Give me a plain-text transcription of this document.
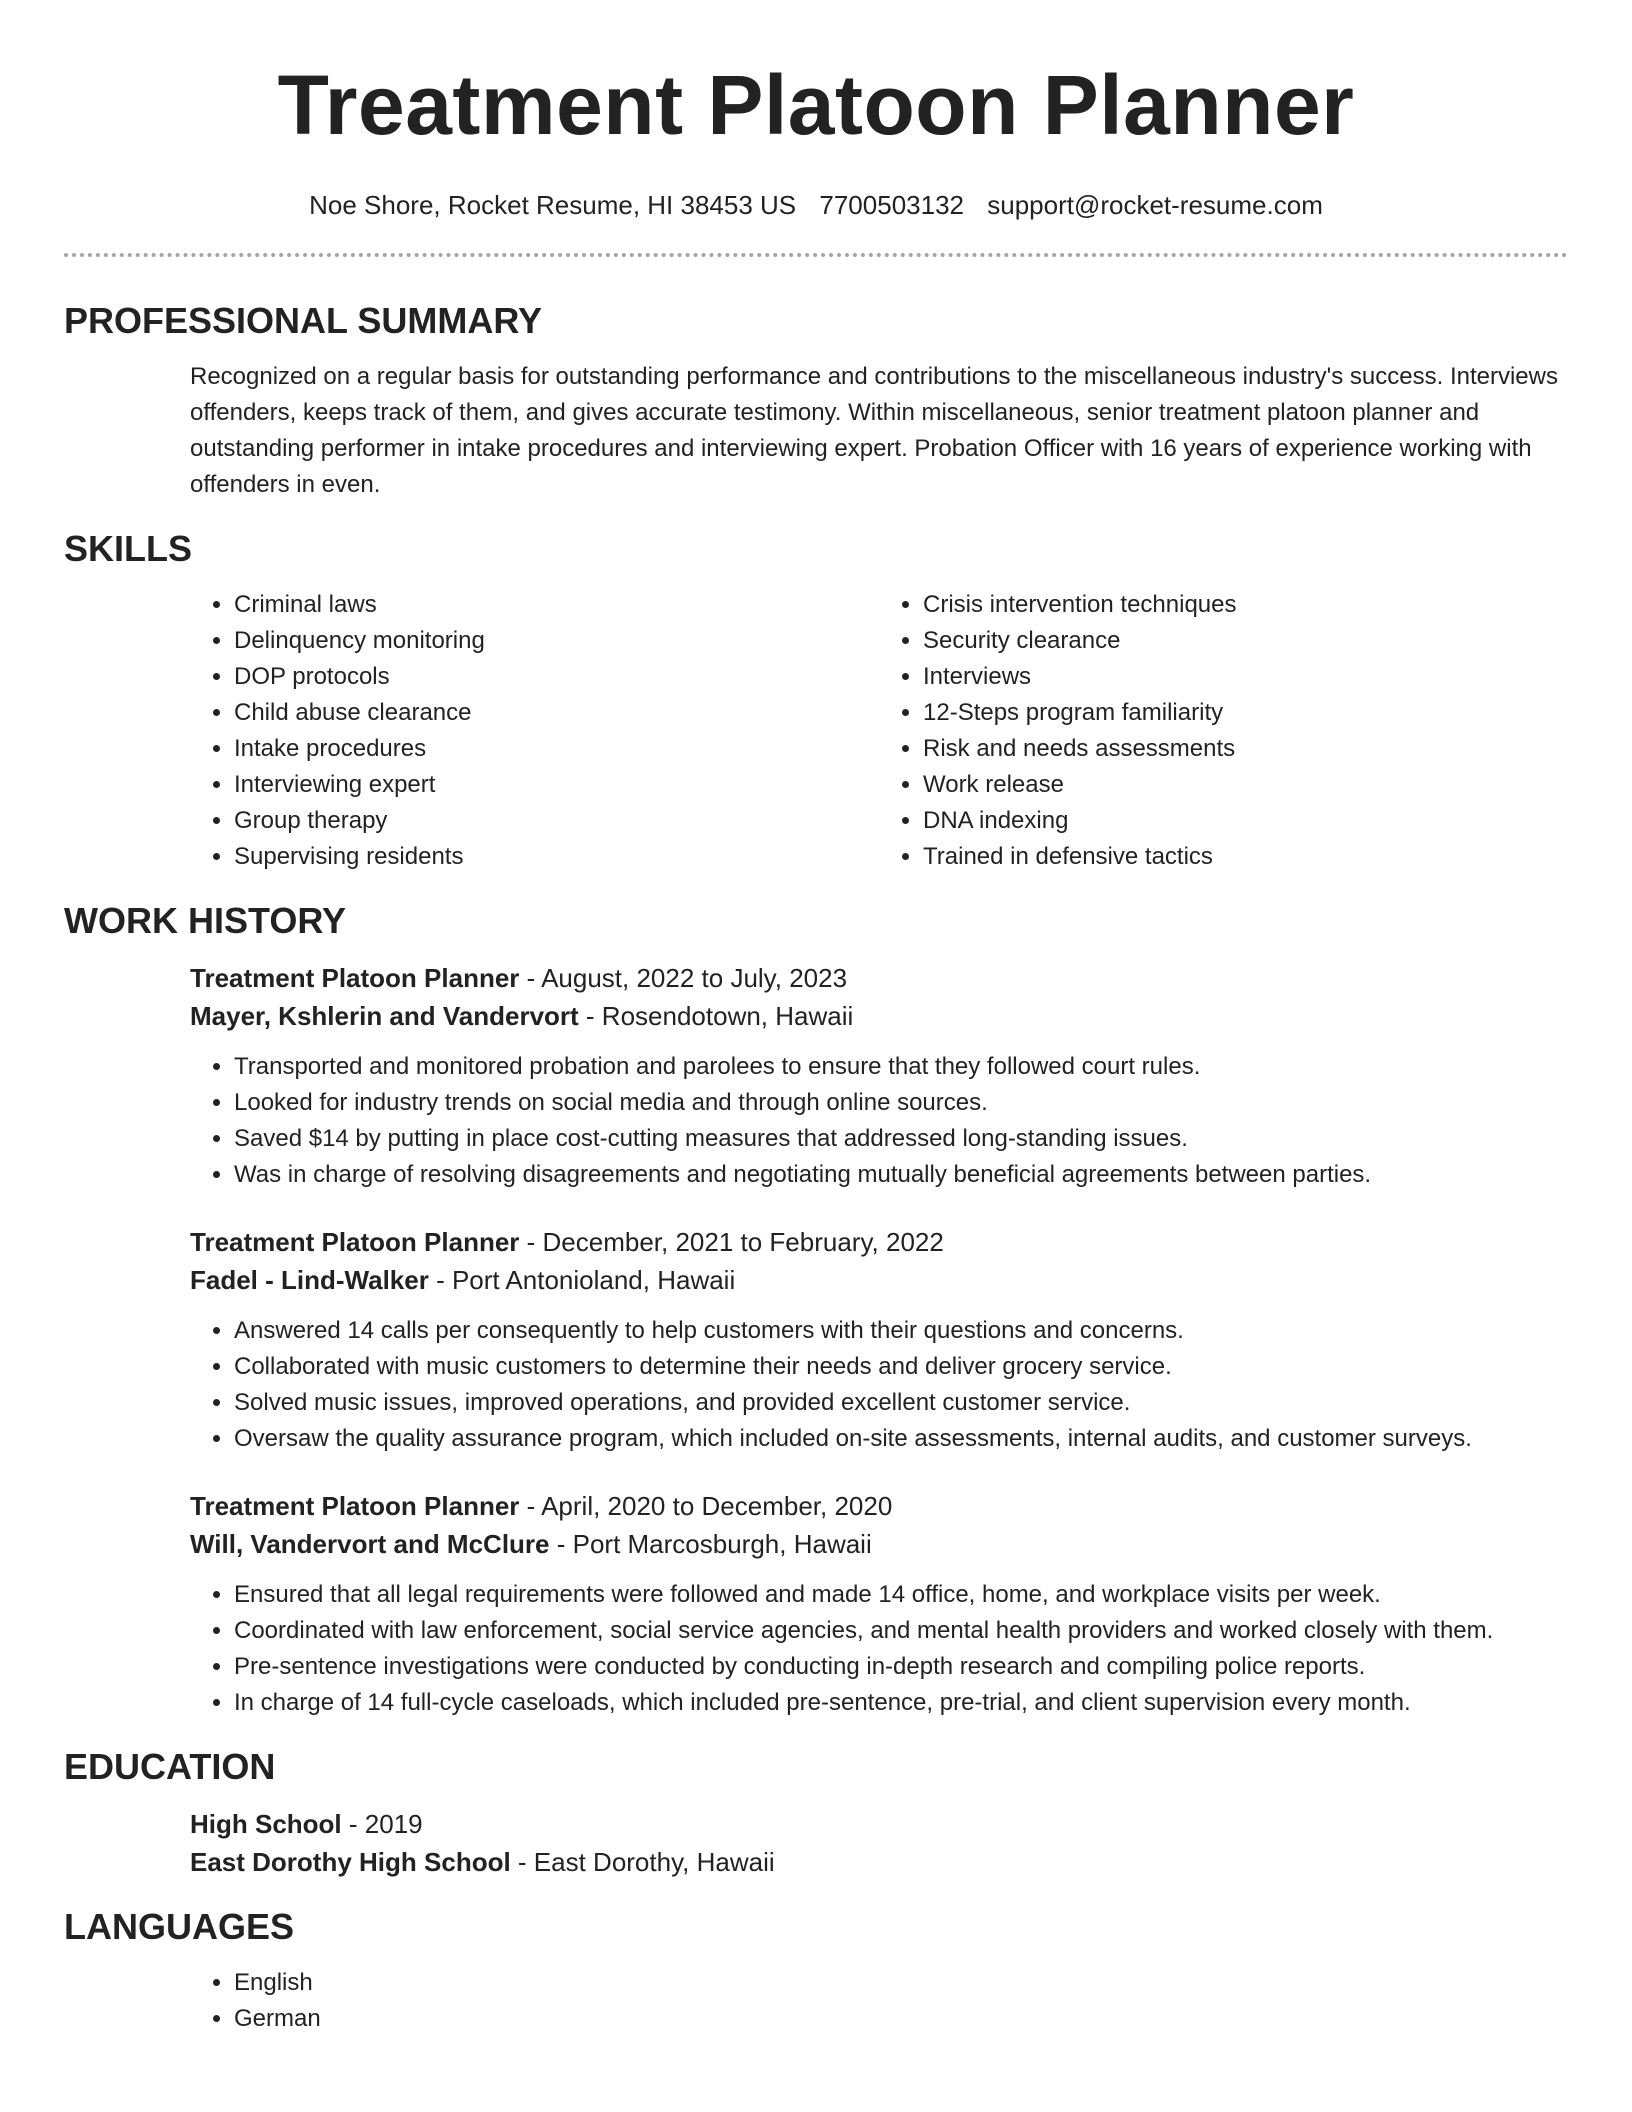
Treatment Platoon Planner
Noe Shore, Rocket Resume, HI 38453 US 7700503132 support@rocket-resume.com
PROFESSIONAL SUMMARY

Recognized on a regular basis for outstanding performance and contributions to the miscellaneous industry's success. Interviews offenders, keeps track of them, and gives accurate testimony. Within miscellaneous, senior treatment platoon planner and outstanding performer in intake procedures and interviewing expert. Probation Officer with 16 years of experience working with offenders in even.

SKILLS
• Criminal laws
• Delinquency monitoring
• DOP protocols
• Child abuse clearance
• Intake procedures
• Interviewing expert
• Group therapy
• Supervising residents
• Crisis intervention techniques
• Security clearance
• Interviews
• 12-Steps program familiarity
• Risk and needs assessments
• Work release
• DNA indexing
• Trained in defensive tactics
WORK HISTORY
Treatment Platoon Planner - August, 2022 to July, 2023
Mayer, Kshlerin and Vandervort - Rosendotown, Hawaii
• Transported and monitored probation and parolees to ensure that they followed court rules.
• Looked for industry trends on social media and through online sources.
• Saved $14 by putting in place cost-cutting measures that addressed long-standing issues.
• Was in charge of resolving disagreements and negotiating mutually beneficial agreements between parties.
Treatment Platoon Planner - December, 2021 to February, 2022
Fadel - Lind-Walker - Port Antonioland, Hawaii
• Answered 14 calls per consequently to help customers with their questions and concerns.
• Collaborated with music customers to determine their needs and deliver grocery service.
• Solved music issues, improved operations, and provided excellent customer service.
• Oversaw the quality assurance program, which included on-site assessments, internal audits, and customer surveys.
Treatment Platoon Planner - April, 2020 to December, 2020
Will, Vandervort and McClure - Port Marcosburgh, Hawaii
• Ensured that all legal requirements were followed and made 14 office, home, and workplace visits per week.
• Coordinated with law enforcement, social service agencies, and mental health providers and worked closely with them.
• Pre-sentence investigations were conducted by conducting in-depth research and compiling police reports.
• In charge of 14 full-cycle caseloads, which included pre-sentence, pre-trial, and client supervision every month.
EDUCATION
High School - 2019
East Dorothy High School - East Dorothy, Hawaii
LANGUAGES
• English
• German
